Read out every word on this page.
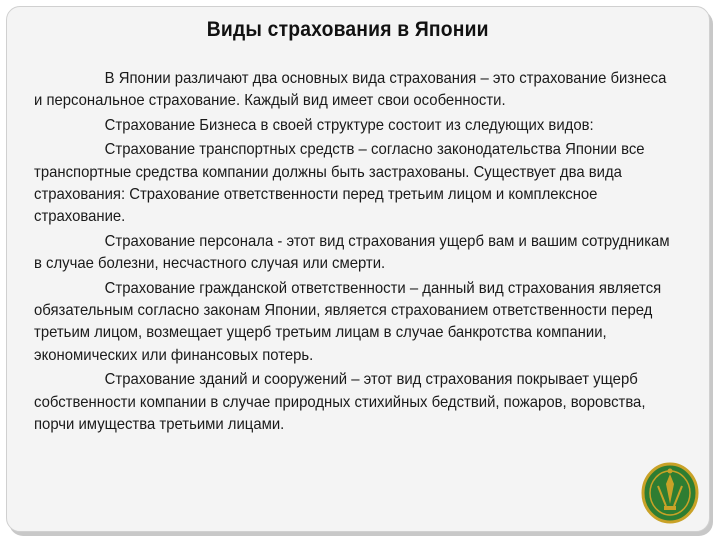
Виды страхования в Японии

В Японии различают два основных вида страхования – это страхование бизнеса и персональное страхование. Каждый вид имеет свои особенности.

Страхование Бизнеса в своей структуре состоит из следующих видов:

Страхование транспортных средств – согласно законодательства Японии все транспортные средства компании должны быть застрахованы. Существует два вида страхования: Страхование ответственности перед третьим лицом и комплексное страхование.

Страхование персонала - этот вид страхования ущерб вам и вашим сотрудникам в случае болезни, несчастного случая или смерти.

Страхование гражданской ответственности – данный вид страхования является обязательным согласно законам Японии, является страхованием ответственности перед третьим лицом, возмещает ущерб третьим лицам в случае банкротства компании, экономических или финансовых потерь.

Страхование зданий и сооружений – этот вид страхования покрывает ущерб собственности компании в случае природных стихийных бедствий, пожаров, воровства, порчи имущества третьими лицами.
